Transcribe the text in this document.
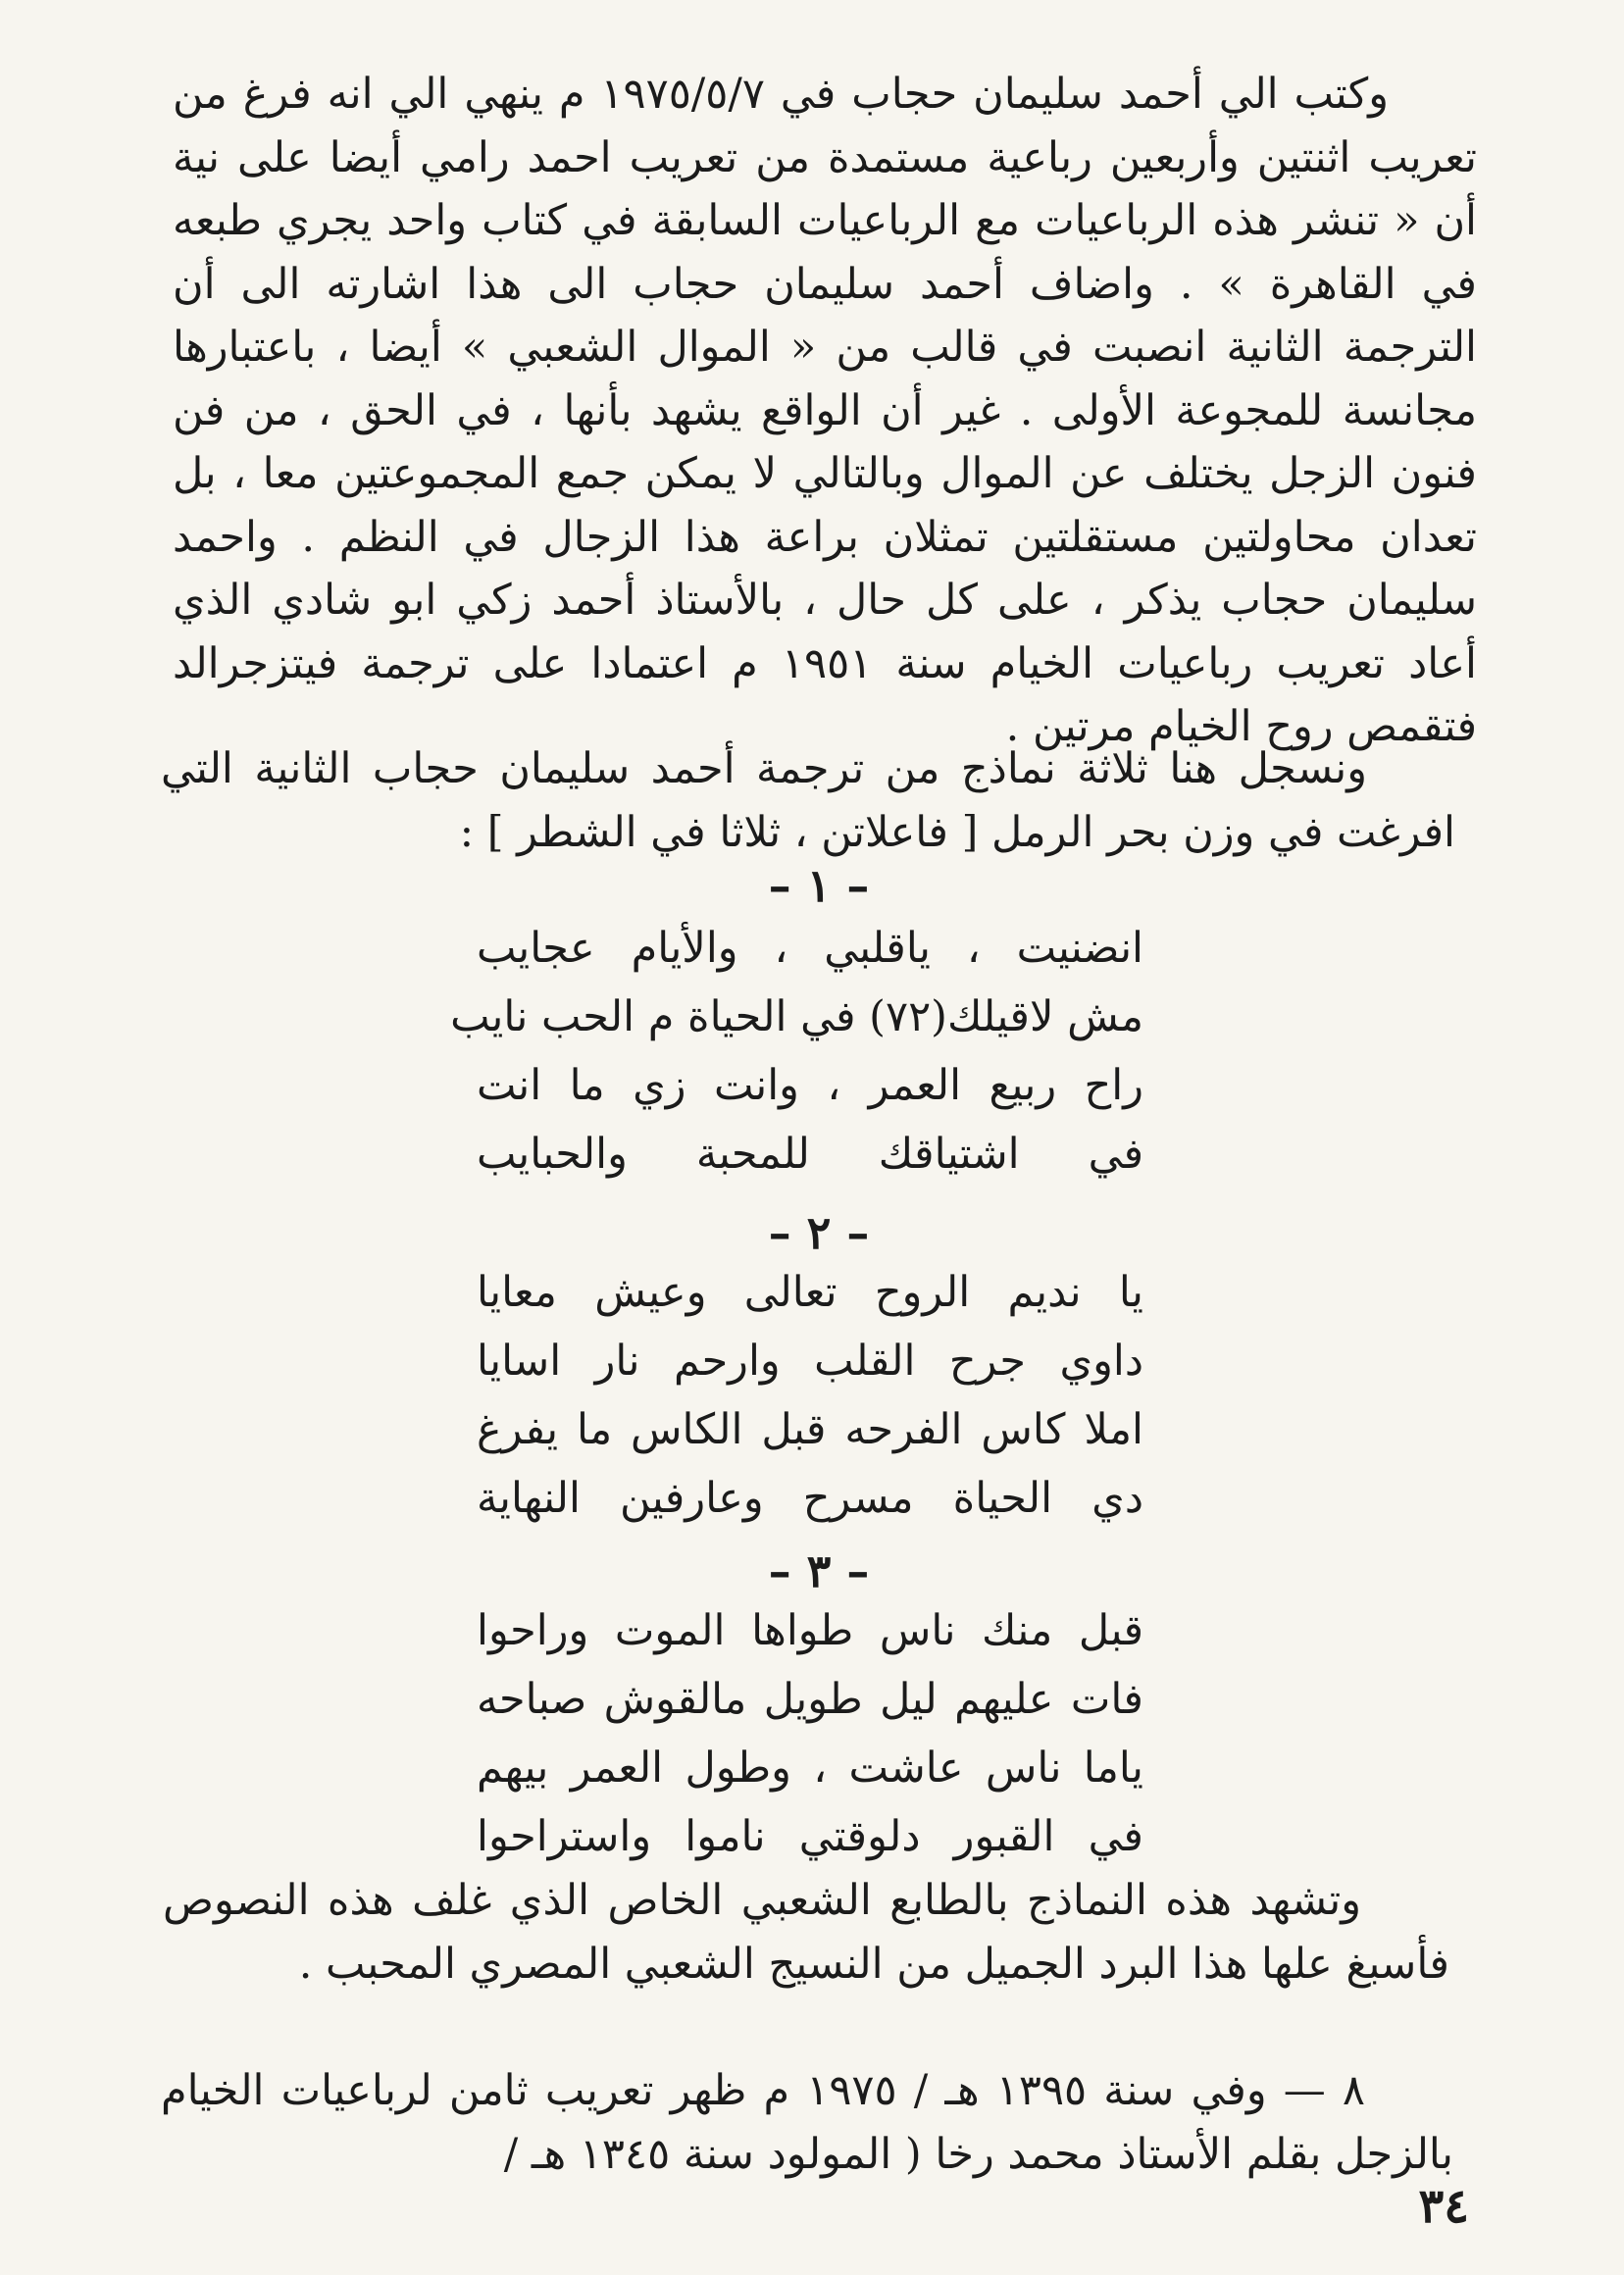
وكتب الي أحمد سليمان حجاب في ١٩٧٥/٥/٧ م ينهي الي انه فرغ من تعريب اثنتين وأربعين رباعية مستمدة من تعريب احمد رامي أيضا على نية أن « تنشر هذه الرباعيات مع الرباعيات السابقة في كتاب واحد يجري طبعه في القاهرة » . واضاف أحمد سليمان حجاب الى هذا اشارته الى أن الترجمة الثانية انصبت في قالب من « الموال الشعبي » أيضا ، باعتبارها مجانسة للمجوعة الأولى . غير أن الواقع يشهد بأنها ، في الحق ، من فن فنون الزجل يختلف عن الموال وبالتالي لا يمكن جمع المجموعتين معا ، بل تعدان محاولتين مستقلتين تمثلان براعة هذا الزجال في النظم . واحمد سليمان حجاب يذكر ، على كل حال ، بالأستاذ أحمد زكي ابو شادي الذي أعاد تعريب رباعيات الخيام سنة ١٩٥١ م اعتمادا على ترجمة فيتزجرالد فتقمص روح الخيام مرتين .

ونسجل هنا ثلاثة نماذج من ترجمة أحمد سليمان حجاب الثانية التي افرغت في وزن بحر الرمل [ فاعلاتن ، ثلاثا في الشطر ] :

– ١ –
انضنيت ، ياقلبي ، والأيام عجايب
مش لاقيلك(٧٢) في الحياة م الحب نايب
راح ربيع العمر ، وانت زي ما انت
في اشتياقك للمحبة والحبايب
– ٢ –
يا نديم الروح تعالى وعيش معايا
داوي جرح القلب وارحم نار اسايا
املا كاس الفرحه قبل الكاس ما يفرغ
دي الحياة مسرح وعارفين النهاية
– ٣ –
قبل منك ناس طواها الموت وراحوا
فات عليهم ليل طويل مالقوش صباحه
ياما ناس عاشت ، وطول العمر بيهم
في القبور دلوقتي ناموا واستراحوا

وتشهد هذه النماذج بالطابع الشعبي الخاص الذي غلف هذه النصوص فأسبغ علها هذا البرد الجميل من النسيج الشعبي المصري المحبب .

٨ — وفي سنة ١٣٩٥ هـ / ١٩٧٥ م ظهر تعريب ثامن لرباعيات الخيام بالزجل بقلم الأستاذ محمد رخا ( المولود سنة ١٣٤٥ هـ /

٣٤
